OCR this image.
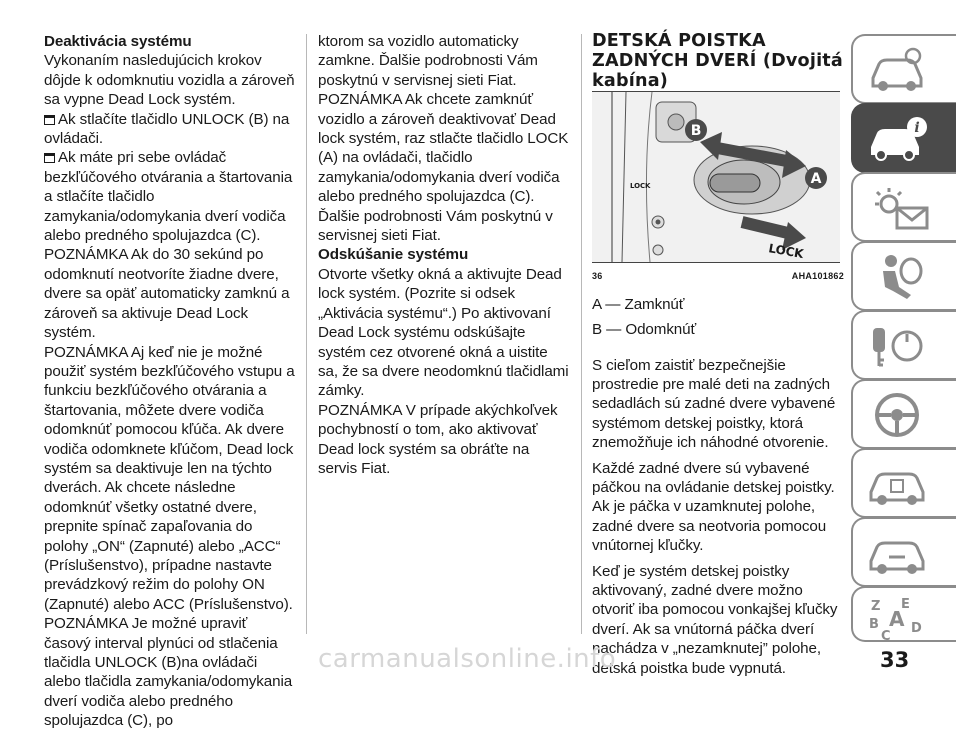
Deaktivácia systému

Vykonaním nasledujúcich krokov dôjde k odomknutiu vozidla a zároveň sa vypne Dead Lock systém.

Ak stlačíte tlačidlo UNLOCK (B) na ovládači.

Ak máte pri sebe ovládač bezkľúčového otvárania a štartovania a stlačíte tlačidlo zamykania/odomykania dverí vodiča alebo predného spolujazdca (C).

POZNÁMKA Ak do 30 sekúnd po odomknutí neotvoríte žiadne dvere, dvere sa opäť automaticky zamknú a zároveň sa aktivuje Dead Lock systém.

POZNÁMKA Aj keď nie je možné použiť systém bezkľúčového vstupu a funkciu bezkľúčového otvárania a štartovania, môžete dvere vodiča odomknúť pomocou kľúča. Ak dvere vodiča odomknete kľúčom, Dead lock systém sa deaktivuje len na týchto dverách. Ak chcete následne odomknúť všetky ostatné dvere, prepnite spínač zapaľovania do polohy „ON“ (Zapnuté) alebo „ACC“ (Príslušenstvo), prípadne nastavte prevádzkový režim do polohy ON (Zapnuté) alebo ACC (Príslušenstvo).

POZNÁMKA Je možné upraviť časový interval plynúci od stlačenia tlačidla UNLOCK (B)na ovládači alebo tlačidla zamykania/odomykania dverí vodiča alebo predného spolujazdca (C), po

ktorom sa vozidlo automaticky zamkne. Ďalšie podrobnosti Vám poskytnú v servisnej sieti Fiat.

POZNÁMKA Ak chcete zamknúť vozidlo a zároveň deaktivovať Dead lock systém, raz stlačte tlačidlo LOCK (A) na ovládači, tlačidlo zamykania/odomykania dverí vodiča alebo predného spolujazdca (C). Ďalšie podrobnosti Vám poskytnú v servisnej sieti Fiat.

Odskúšanie systému

Otvorte všetky okná a aktivujte Dead lock systém. (Pozrite si odsek „Aktivácia systému“.) Po aktivovaní Dead Lock systému odskúšajte systém cez otvorené okná a uistite sa, že sa dvere neodomknú tlačidlami zámky.

POZNÁMKA V prípade akýchkoľvek pochybností o tom, ako aktivovať Dead lock systém sa obráťte na servis Fiat.

DETSKÁ POISTKA ZADNÝCH DVERÍ (Dvojitá kabína)

B
A
LOCK
LOCK
36	AHA101862

A — Zamknúť

B — Odomknúť

S cieľom zaistiť bezpečnejšie prostredie pre malé deti na zadných sedadlách sú zadné dvere vybavené systémom detskej poistky, ktorá znemožňuje ich náhodné otvorenie.

Každé zadné dvere sú vybavené páčkou na ovládanie detskej poistky. Ak je páčka v uzamknutej polohe, zadné dvere sa neotvoria pomocou vnútornej kľučky.

Keď je systém detskej poistky aktivovaný, zadné dvere možno otvoriť iba pomocou vonkajšej kľučky dverí. Ak sa vnútorná páčka dverí nachádza v „nezamknutej” polohe, detská poistka bude vypnutá.

i
Z E
B A
C
D
carmanualsonline.info	33
